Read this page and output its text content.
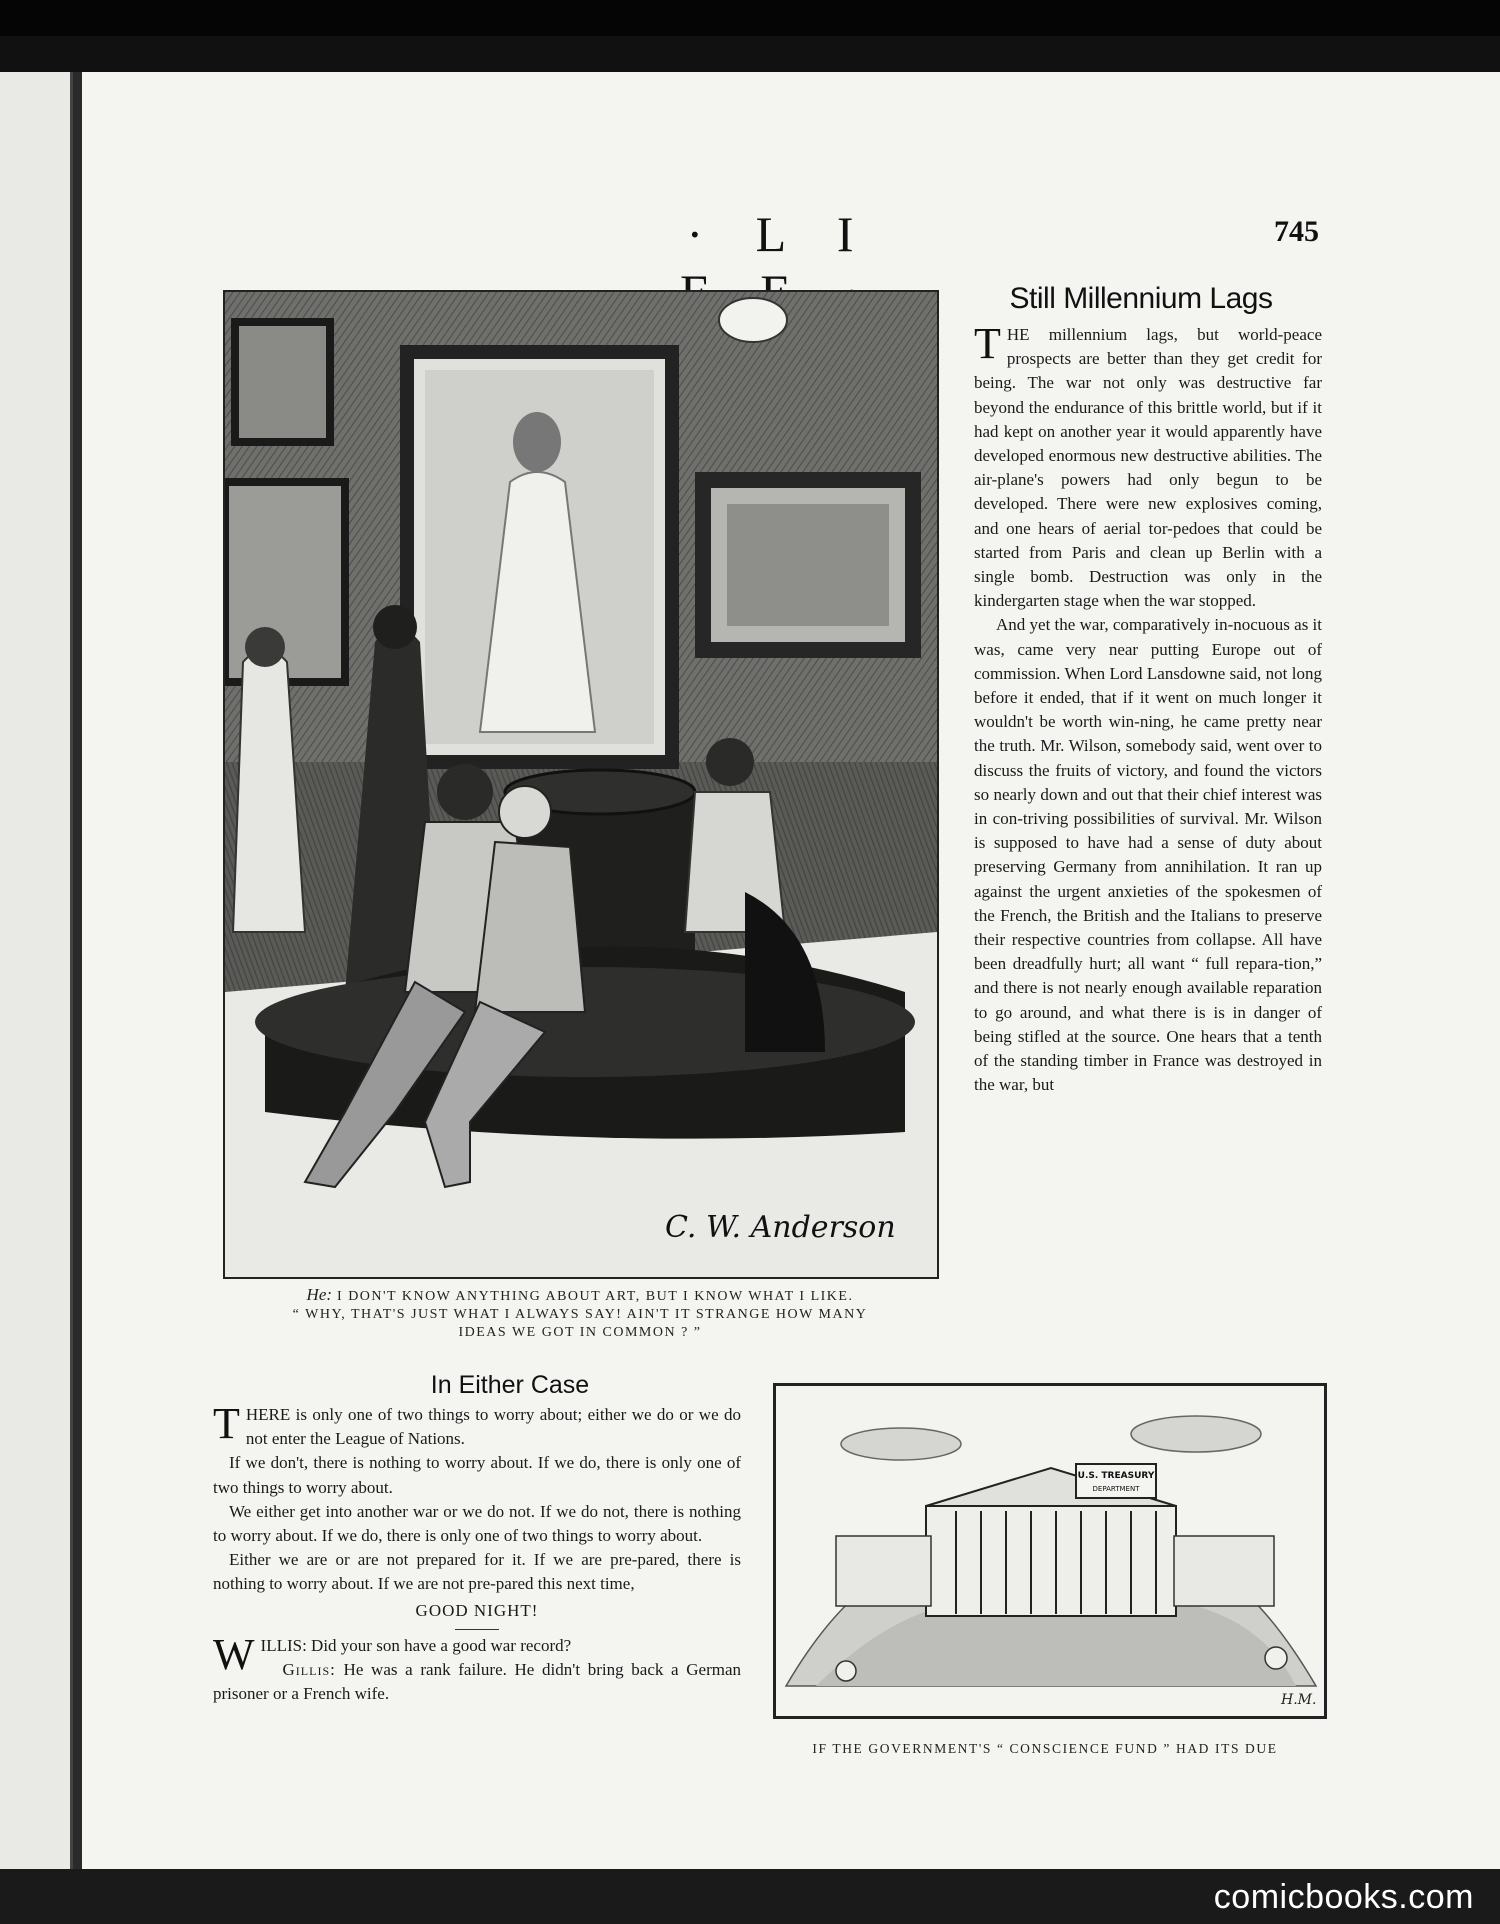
· L I	745
C. W. Anderson
He: I DON'T KNOW ANYTHING ABOUT ART, BUT I KNOW WHAT I LIKE.
“ WHY, THAT'S JUST WHAT I ALWAYS SAY! AIN'T IT STRANGE HOW MANY
IDEAS WE GOT IN COMMON ? ”
Still Millennium Lags

THE millennium lags, but world-peace prospects are better than they get credit for being. The war not only was destructive far beyond the endurance of this brittle world, but if it had kept on another year it would apparently have developed enormous new destructive abilities. The air-plane's powers had only begun to be developed. There were new explosives coming, and one hears of aerial tor-pedoes that could be started from Paris and clean up Berlin with a single bomb. Destruction was only in the kindergarten stage when the war stopped.

And yet the war, comparatively in-nocuous as it was, came very near putting Europe out of commission. When Lord Lansdowne said, not long before it ended, that if it went on much longer it wouldn't be worth win-ning, he came pretty near the truth. Mr. Wilson, somebody said, went over to discuss the fruits of victory, and found the victors so nearly down and out that their chief interest was in con-triving possibilities of survival. Mr. Wilson is supposed to have had a sense of duty about preserving Germany from annihilation. It ran up against the urgent anxieties of the spokesmen of the French, the British and the Italians to preserve their respective countries from collapse. All have been dreadfully hurt; all want “ full repara-tion,” and there is not nearly enough available reparation to go around, and what there is is in danger of being stifled at the source. One hears that a tenth of the standing timber in France was destroyed in the war, but

In Either Case

THERE is only one of two things to worry about; either we do or we do not enter the League of Nations.

If we don't, there is nothing to worry about. If we do, there is only one of two things to worry about.

We either get into another war or we do not. If we do not, there is nothing to worry about. If we do, there is only one of two things to worry about.

Either we are or are not prepared for it. If we are pre-pared, there is nothing to worry about. If we are not pre-pared this next time,

GOOD NIGHT!

WILLIS: Did your son have a good war record?

Gillis: He was a rank failure. He didn't bring back a German prisoner or a French wife.

U.S. TREASURY
DEPARTMENT
H.M.
IF THE GOVERNMENT'S “ CONSCIENCE FUND ” HAD ITS DUE
comicbooks.com
